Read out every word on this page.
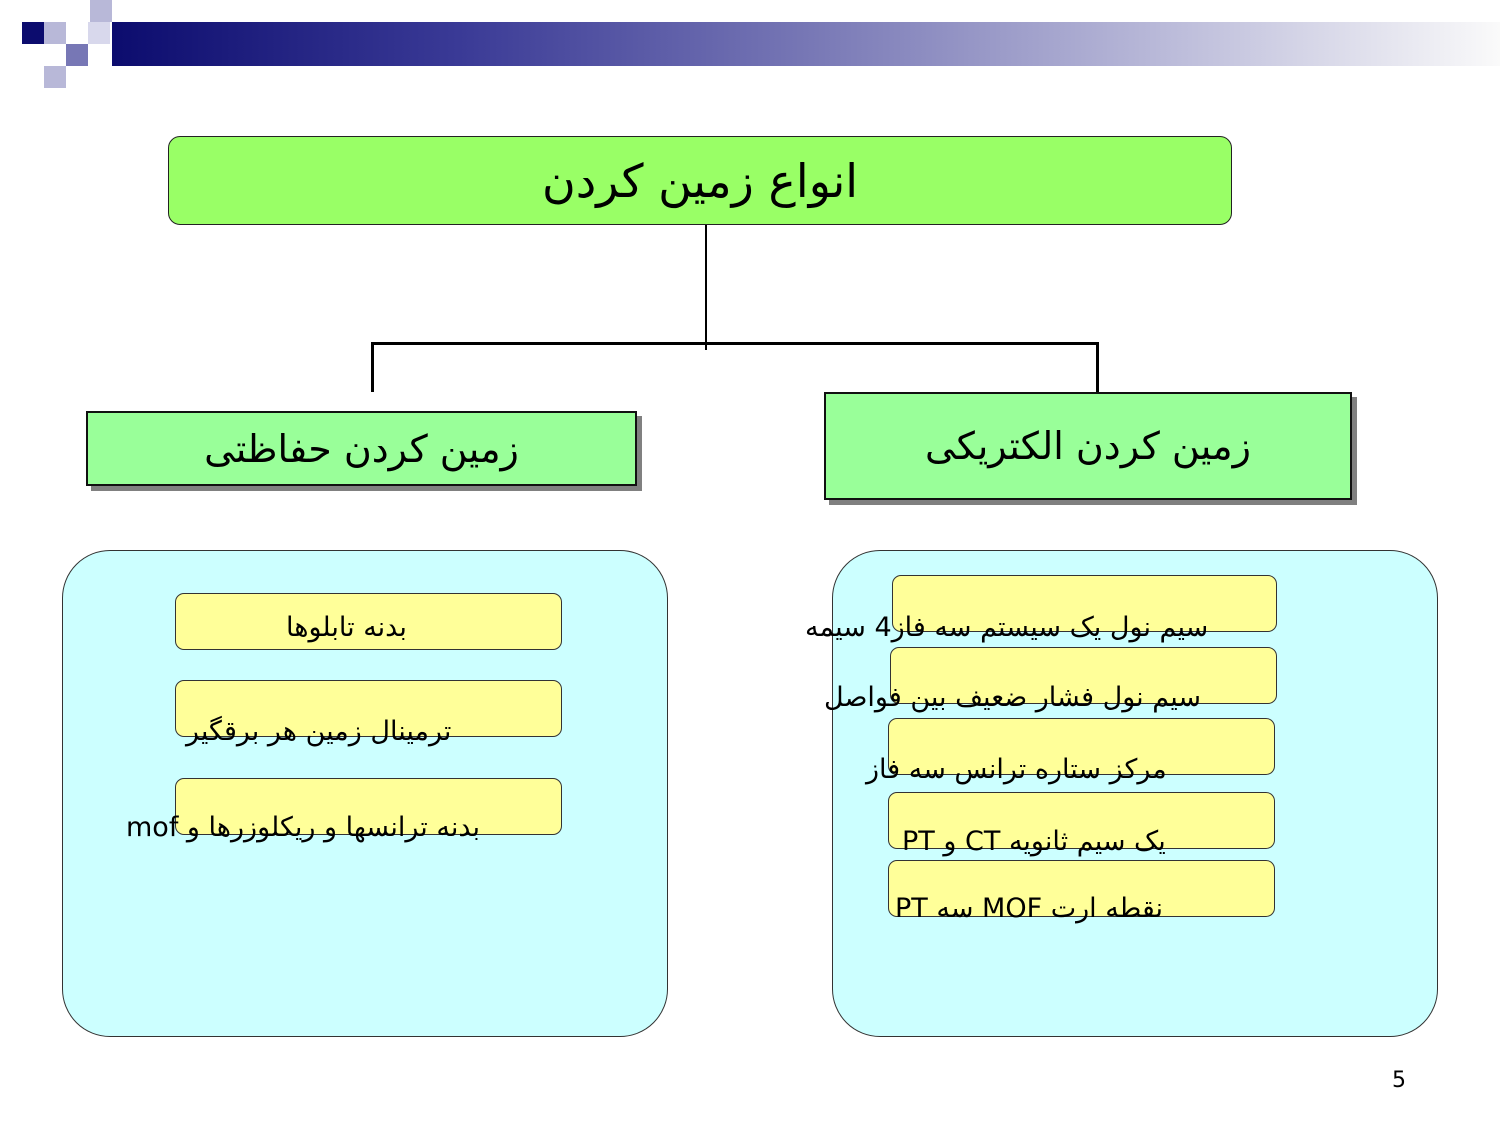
انواع زمین کردن
زمین کردن حفاظتی	زمین کردن الکتریکی
بدنه تابلوها
ترمینال زمین هر برقگیر
بدنه ترانسها و ریکلوزرها و mof
سیم نول یک سیستم سه فاز4 سیمه
سیم نول فشار ضعیف بین فواصل
مرکز ستاره ترانس سه فاز
یک سیم ثانویه CT و PT
نقطه ارت MOF سه PT
5
